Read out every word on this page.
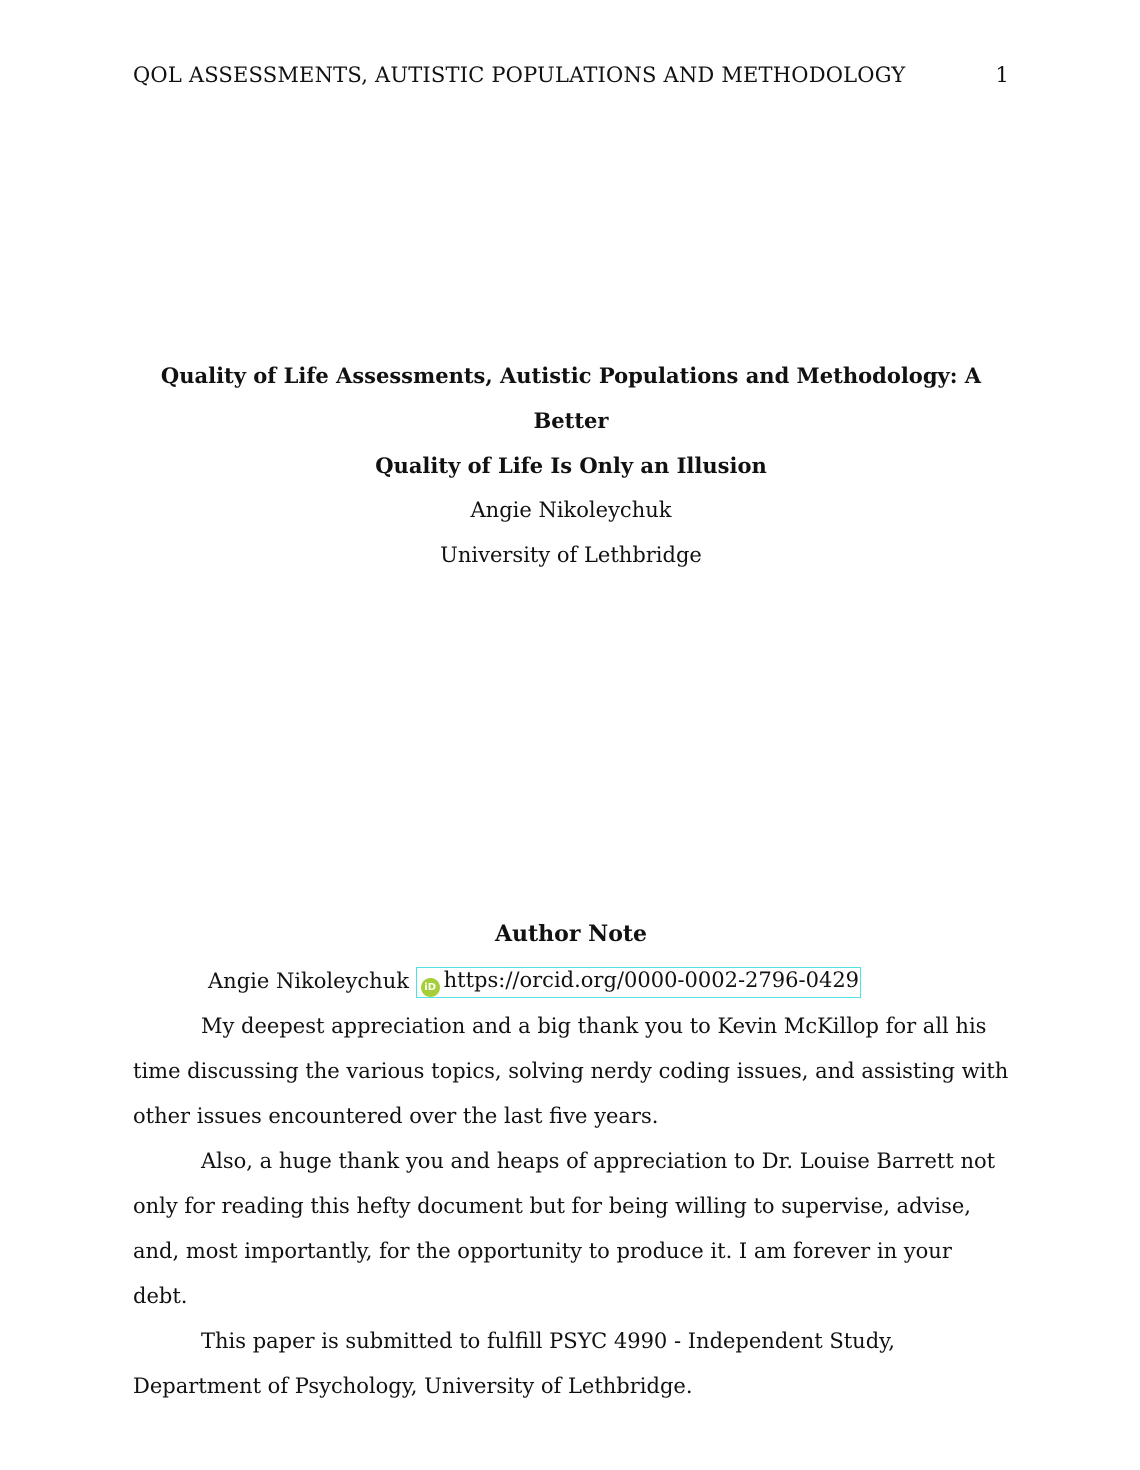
QOL ASSESSMENTS, AUTISTIC POPULATIONS AND METHODOLOGY	1
Quality of Life Assessments, Autistic Populations and Methodology: A Better
Quality of Life Is Only an Illusion
Angie Nikoleychuk
University of Lethbridge
Author Note
Angie Nikoleychuk iD https://orcid.org/0000-0002-2796-0429

My deepest appreciation and a big thank you to Kevin McKillop for all his time discussing the various topics, solving nerdy coding issues, and assisting with other issues encountered over the last five years.

Also, a huge thank you and heaps of appreciation to Dr. Louise Barrett not only for reading this hefty document but for being willing to supervise, advise, and, most importantly, for the opportunity to produce it. I am forever in your debt.

This paper is submitted to fulfill PSYC 4990 - Independent Study, Department of Psychology, University of Lethbridge.
